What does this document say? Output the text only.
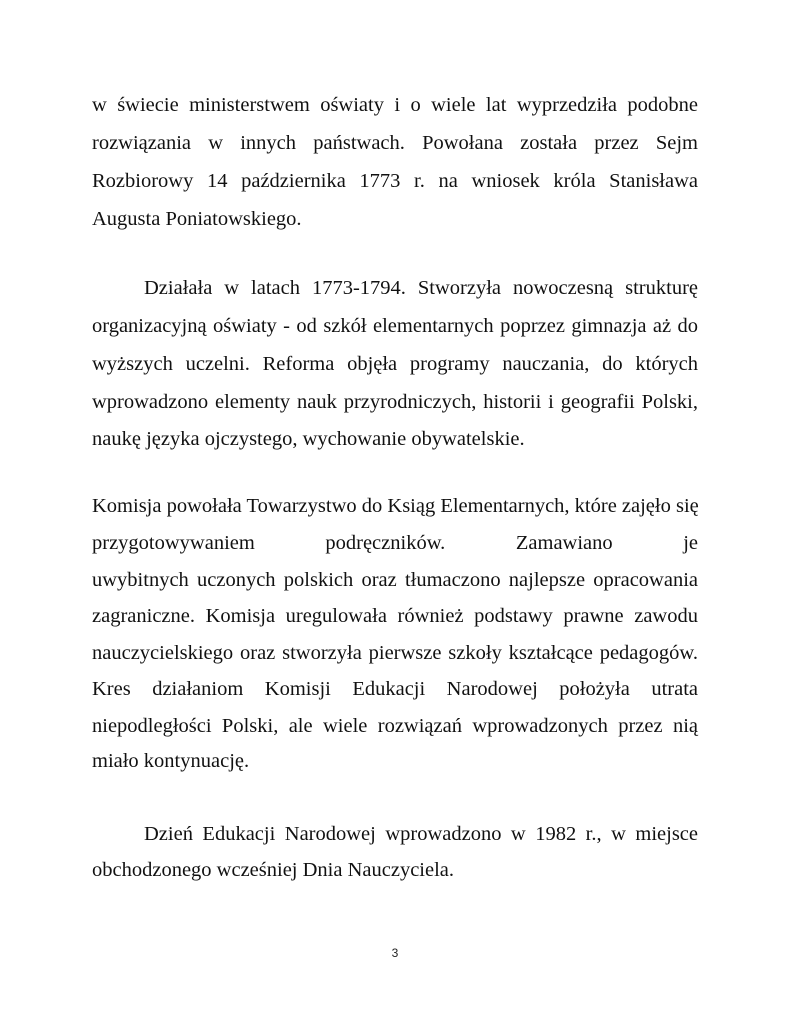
w świecie ministerstwem oświaty i o wiele lat wyprzedziła podobne
rozwiązania w innych państwach. Powołana została przez Sejm
Rozbiorowy 14 października 1773 r. na wniosek króla Stanisława
Augusta Poniatowskiego.
Działała w latach 1773-1794. Stworzyła nowoczesną strukturę
organizacyjną oświaty - od szkół elementarnych poprzez gimnazja aż do
wyższych uczelni. Reforma objęła programy nauczania, do których
wprowadzono elementy nauk przyrodniczych, historii i geografii Polski,
naukę języka ojczystego, wychowanie obywatelskie.
Komisja powołała Towarzystwo do Ksiąg Elementarnych, które zajęło się
przygotowywaniem podręczników. Zamawiano je
uwybitnych uczonych polskich oraz tłumaczono najlepsze opracowania
zagraniczne. Komisja uregulowała również podstawy prawne zawodu
nauczycielskiego oraz stworzyła pierwsze szkoły kształcące pedagogów.
Kres działaniom Komisji Edukacji Narodowej położyła utrata
niepodległości Polski, ale wiele rozwiązań wprowadzonych przez nią
miało kontynuację.
Dzień Edukacji Narodowej wprowadzono w 1982 r., w miejsce
obchodzonego wcześniej Dnia Nauczyciela.
3
